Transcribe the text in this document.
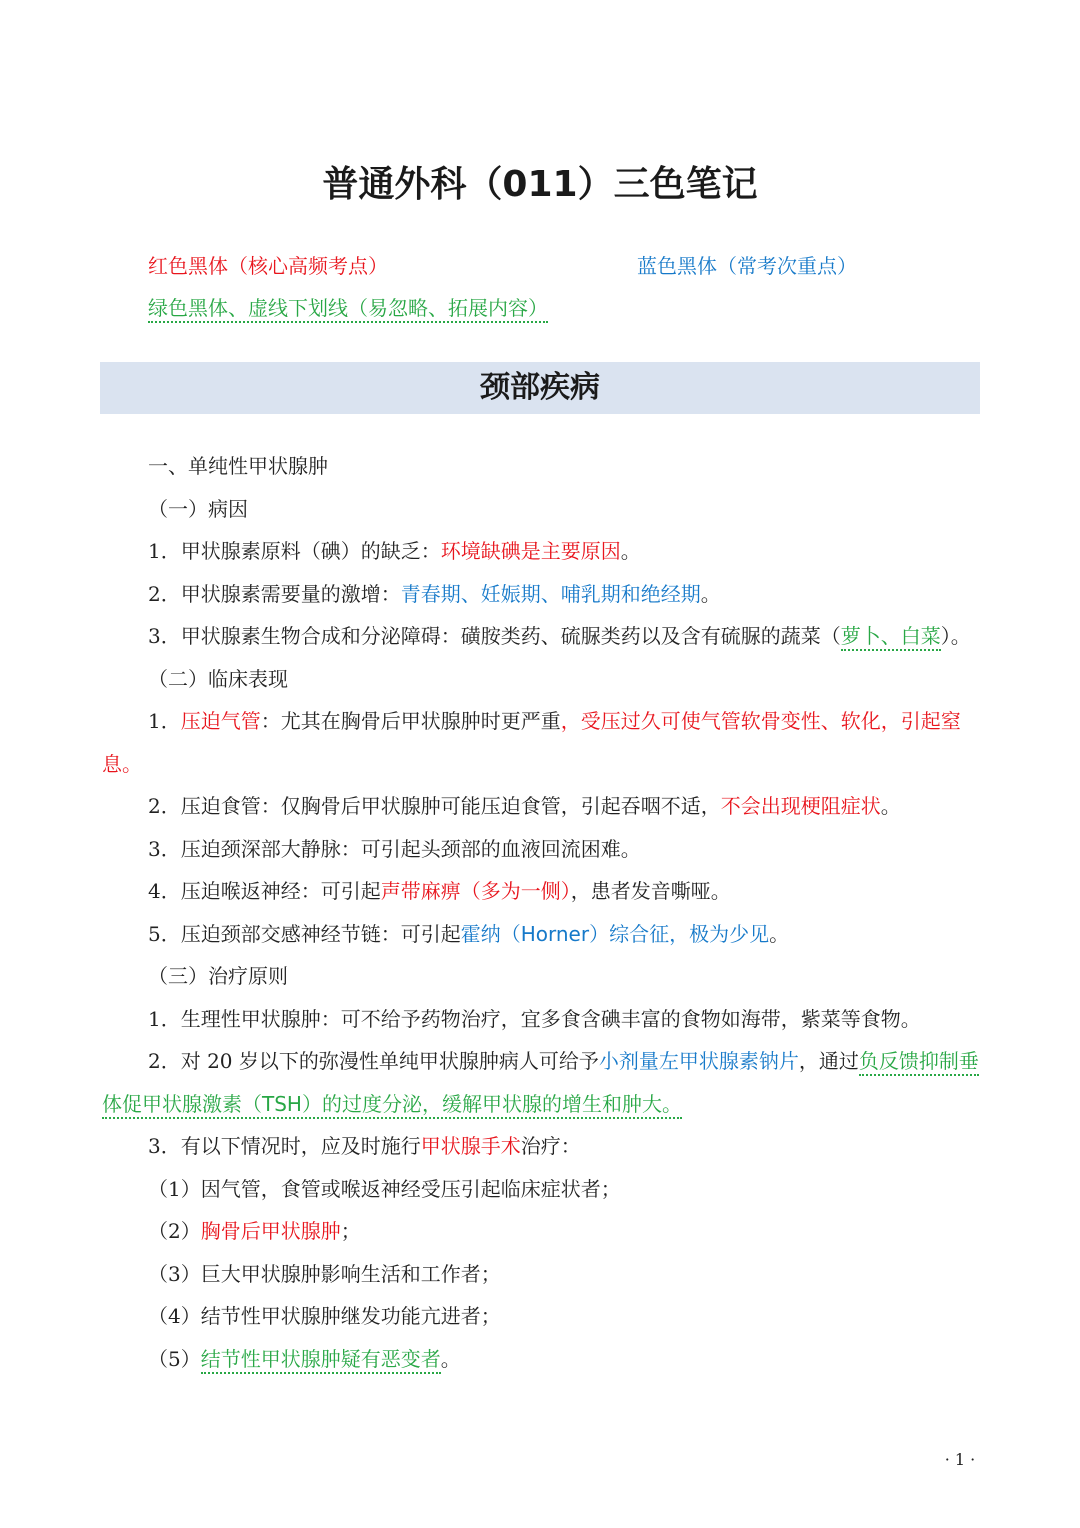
普通外科（011）三色笔记
红色黑体（核心高频考点）	蓝色黑体（常考次重点）
绿色黑体、虚线下划线（易忽略、拓展内容）
颈部疾病

一、单纯性甲状腺肿

（一）病因

1．甲状腺素原料（碘）的缺乏：环境缺碘是主要原因。

2．甲状腺素需要量的激增：青春期、妊娠期、哺乳期和绝经期。

3．甲状腺素生物合成和分泌障碍：磺胺类药、硫脲类药以及含有硫脲的蔬菜（萝卜、白菜）。

（二）临床表现

1．压迫气管：尤其在胸骨后甲状腺肿时更严重，受压过久可使气管软骨变性、软化，引起窒息。

2．压迫食管：仅胸骨后甲状腺肿可能压迫食管，引起吞咽不适，不会出现梗阻症状。

3．压迫颈深部大静脉：可引起头颈部的血液回流困难。

4．压迫喉返神经：可引起声带麻痹（多为一侧），患者发音嘶哑。

5．压迫颈部交感神经节链：可引起霍纳（Horner）综合征，极为少见。

（三）治疗原则

1．生理性甲状腺肿：可不给予药物治疗，宜多食含碘丰富的食物如海带，紫菜等食物。

2．对 20 岁以下的弥漫性单纯甲状腺肿病人可给予小剂量左甲状腺素钠片，通过负反馈抑制垂体促甲状腺激素（TSH）的过度分泌，缓解甲状腺的增生和肿大。

3．有以下情况时，应及时施行甲状腺手术治疗：

（1）因气管，食管或喉返神经受压引起临床症状者；

（2）胸骨后甲状腺肿；

（3）巨大甲状腺肿影响生活和工作者；

（4）结节性甲状腺肿继发功能亢进者；

（5）结节性甲状腺肿疑有恶变者。

· 1 ·
